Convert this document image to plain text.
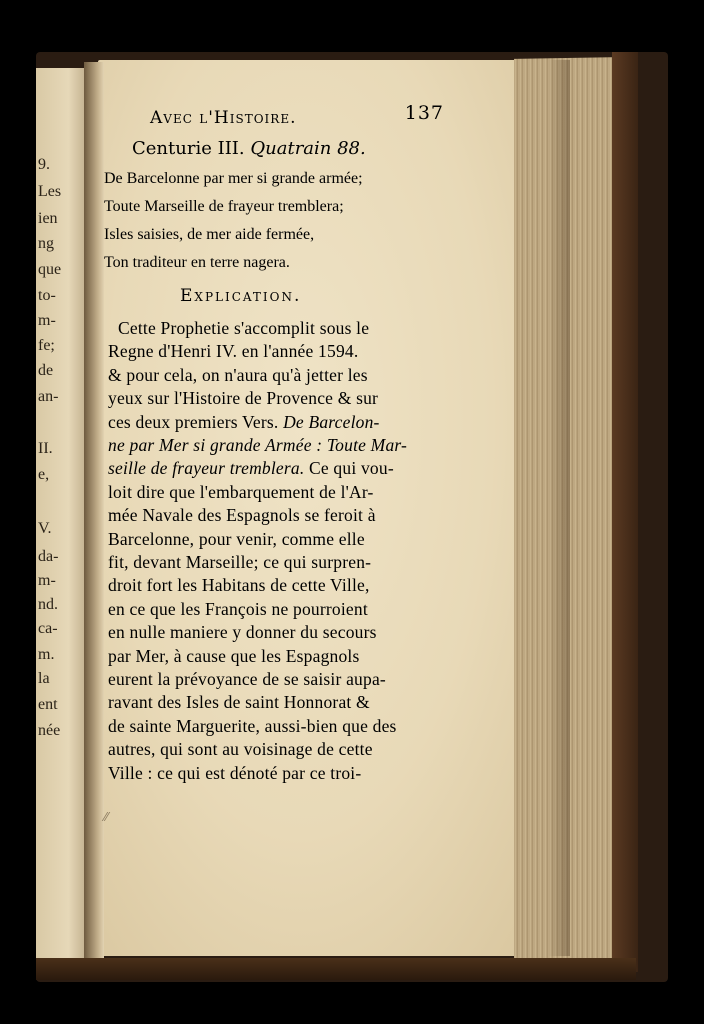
9.
Les
ien
ng
que
to-
m-
fe;
de
an-
II.
e,
V.
da-
m-
nd.
ca-
m.
la
ent
née
Avec l'Histoire.	137
Centurie III. Quatrain 88.
De Barcelonne par mer si grande armée;
Toute Marseille de frayeur tremblera;
Isles saisies, de mer aide fermée,
Ton traditeur en terre nagera.
Explication.
Cette Prophetie s'accomplit sous le
Regne d'Henri IV. en l'année 1594.
& pour cela, on n'aura qu'à jetter les
yeux sur l'Histoire de Provence & sur
ces deux premiers Vers. De Barcelon-
ne par Mer si grande Armée : Toute Mar-
seille de frayeur tremblera. Ce qui vou-
loit dire que l'embarquement de l'Ar-
mée Navale des Espagnols se feroit à
Barcelonne, pour venir, comme elle
fit, devant Marseille; ce qui surpren-
droit fort les Habitans de cette Ville,
en ce que les François ne pourroient
en nulle maniere y donner du secours
par Mer, à cause que les Espagnols
eurent la prévoyance de se saisir aupa-
ravant des Isles de saint Honnorat &
de sainte Marguerite, aussi-bien que des
autres, qui sont au voisinage de cette
Ville : ce qui est dénoté par ce troi-
⁄⁄
